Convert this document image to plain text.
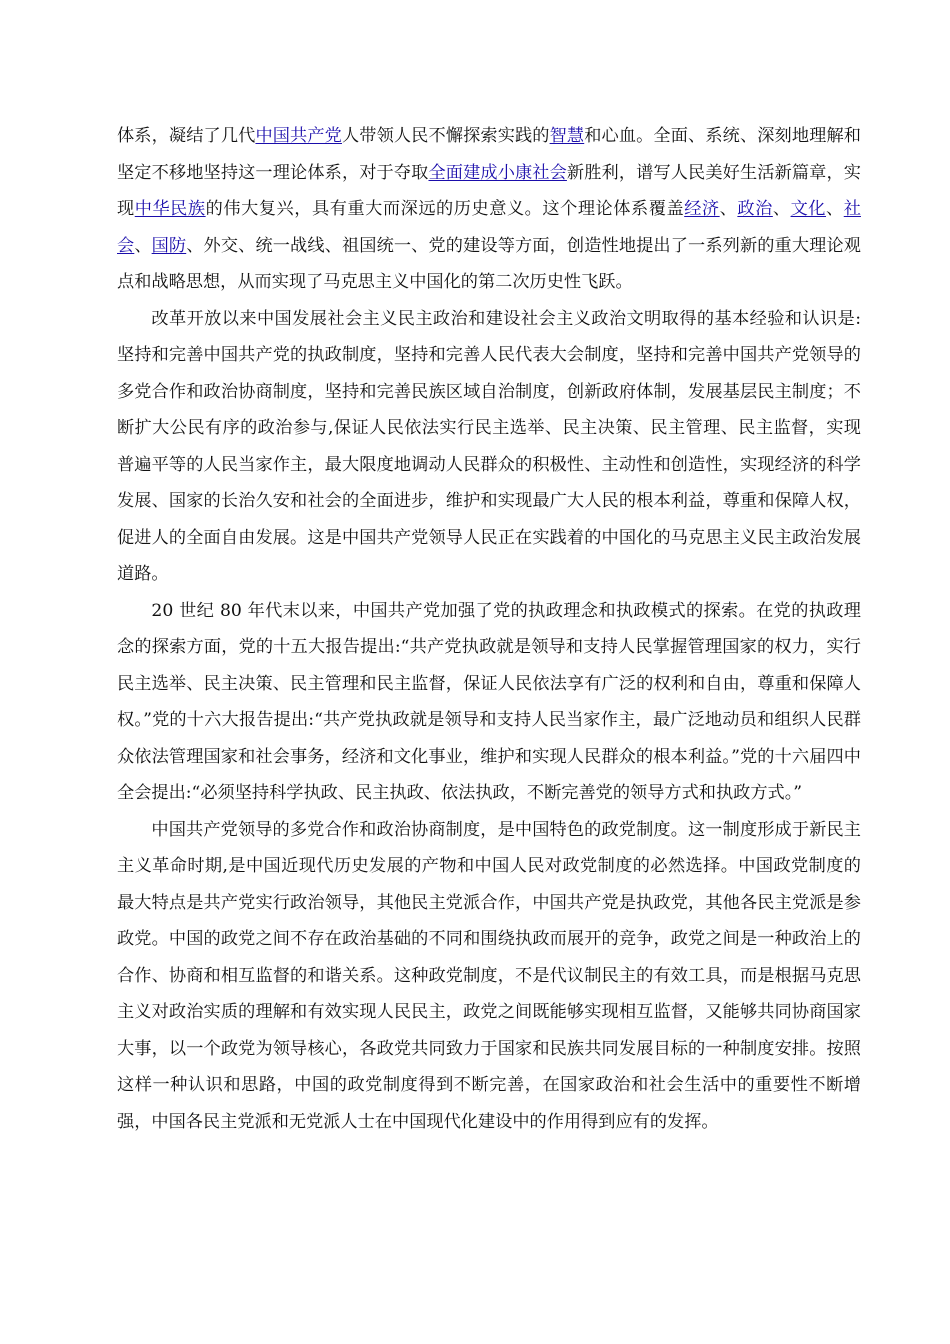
体系，凝结了几代中国共产党人带领人民不懈探索实践的智慧和心血。全面、系统、深刻地理解和坚定不移地坚持这一理论体系，对于夺取全面建成小康社会新胜利，谱写人民美好生活新篇章，实现中华民族的伟大复兴，具有重大而深远的历史意义。这个理论体系覆盖经济、政治、文化、社会、国防、外交、统一战线、祖国统一、党的建设等方面，创造性地提出了一系列新的重大理论观点和战略思想，从而实现了马克思主义中国化的第二次历史性飞跃。

改革开放以来中国发展社会主义民主政治和建设社会主义政治文明取得的基本经验和认识是:坚持和完善中国共产党的执政制度，坚持和完善人民代表大会制度，坚持和完善中国共产党领导的多党合作和政治协商制度，坚持和完善民族区域自治制度，创新政府体制，发展基层民主制度；不断扩大公民有序的政治参与,保证人民依法实行民主选举、民主决策、民主管理、民主监督，实现普遍平等的人民当家作主，最大限度地调动人民群众的积极性、主动性和创造性，实现经济的科学发展、国家的长治久安和社会的全面进步，维护和实现最广大人民的根本利益，尊重和保障人权，促进人的全面自由发展。这是中国共产党领导人民正在实践着的中国化的马克思主义民主政治发展道路。

20 世纪 80 年代末以来，中国共产党加强了党的执政理念和执政模式的探索。在党的执政理念的探索方面，党的十五大报告提出:“共产党执政就是领导和支持人民掌握管理国家的权力，实行民主选举、民主决策、民主管理和民主监督，保证人民依法享有广泛的权利和自由，尊重和保障人权。”党的十六大报告提出:“共产党执政就是领导和支持人民当家作主，最广泛地动员和组织人民群众依法管理国家和社会事务，经济和文化事业，维护和实现人民群众的根本利益。”党的十六届四中全会提出:“必须坚持科学执政、民主执政、依法执政，不断完善党的领导方式和执政方式。”

中国共产党领导的多党合作和政治协商制度，是中国特色的政党制度。这一制度形成于新民主主义革命时期,是中国近现代历史发展的产物和中国人民对政党制度的必然选择。中国政党制度的最大特点是共产党实行政治领导，其他民主党派合作，中国共产党是执政党，其他各民主党派是参政党。中国的政党之间不存在政治基础的不同和围绕执政而展开的竞争，政党之间是一种政治上的合作、协商和相互监督的和谐关系。这种政党制度，不是代议制民主的有效工具，而是根据马克思主义对政治实质的理解和有效实现人民民主，政党之间既能够实现相互监督，又能够共同协商国家大事，以一个政党为领导核心，各政党共同致力于国家和民族共同发展目标的一种制度安排。按照这样一种认识和思路，中国的政党制度得到不断完善，在国家政治和社会生活中的重要性不断增强，中国各民主党派和无党派人士在中国现代化建设中的作用得到应有的发挥。
